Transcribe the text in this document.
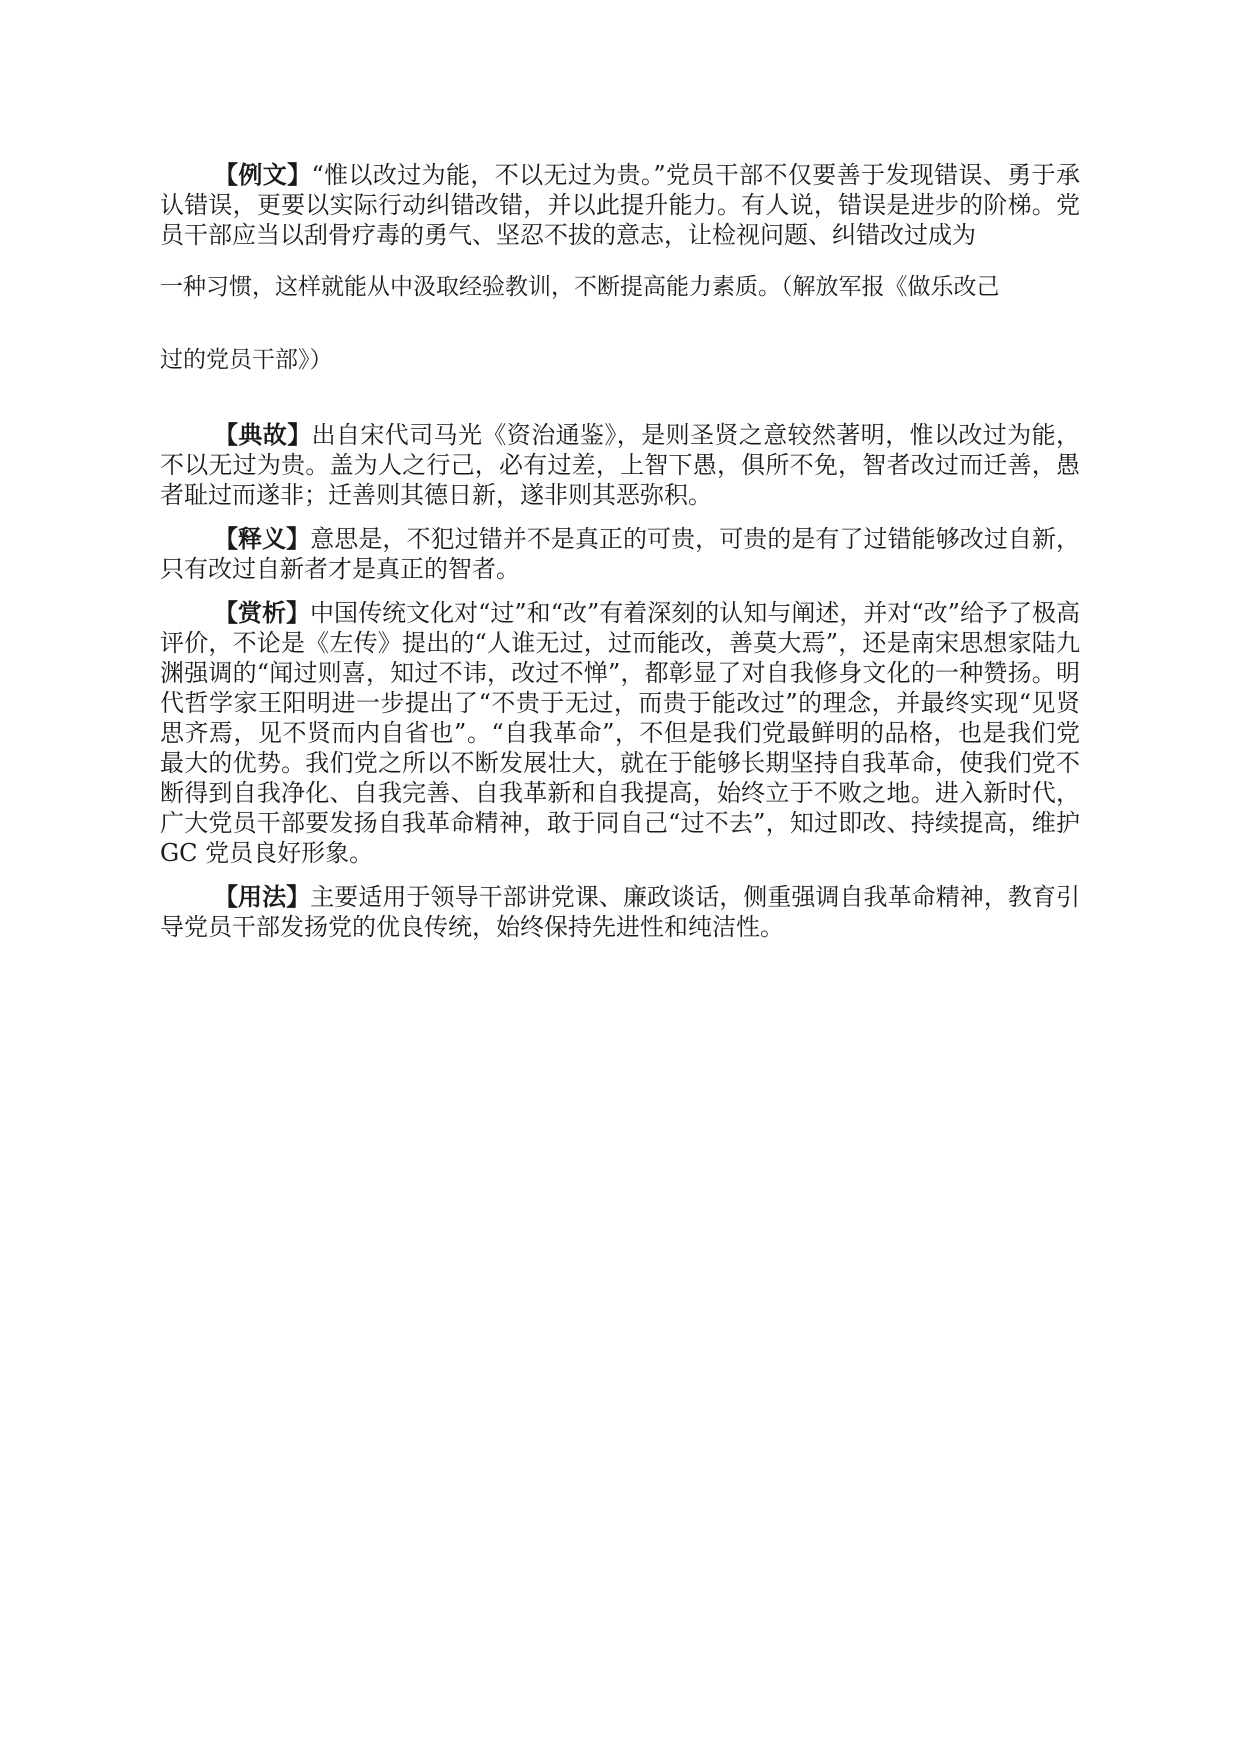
【例文】“惟以改过为能，不以无过为贵。”党员干部不仅要善于发现错误、勇于承认错误，更要以实际行动纠错改错，并以此提升能力。有人说，错误是进步的阶梯。党员干部应当以刮骨疗毒的勇气、坚忍不拔的意志，让检视问题、纠错改过成为

一种习惯，这样就能从中汲取经验教训，不断提高能力素质。（解放军报《做乐改己

过的党员干部》）

【典故】出自宋代司马光《资治通鉴》，是则圣贤之意较然著明，惟以改过为能，不以无过为贵。盖为人之行己，必有过差，上智下愚，俱所不免，智者改过而迁善，愚者耻过而遂非；迁善则其德日新，遂非则其恶弥积。

【释义】意思是，不犯过错并不是真正的可贵，可贵的是有了过错能够改过自新，只有改过自新者才是真正的智者。

【赏析】中国传统文化对“过”和“改”有着深刻的认知与阐述，并对“改”给予了极高评价，不论是《左传》提出的“人谁无过，过而能改，善莫大焉”，还是南宋思想家陆九渊强调的“闻过则喜，知过不讳，改过不惮”，都彰显了对自我修身文化的一种赞扬。明代哲学家王阳明进一步提出了“不贵于无过，而贵于能改过”的理念，并最终实现“见贤思齐焉，见不贤而内自省也”。“自我革命”，不但是我们党最鲜明的品格，也是我们党最大的优势。我们党之所以不断发展壮大，就在于能够长期坚持自我革命，使我们党不断得到自我净化、自我完善、自我革新和自我提高，始终立于不败之地。进入新时代，广大党员干部要发扬自我革命精神，敢于同自己“过不去”，知过即改、持续提高，维护 GC 党员良好形象。

【用法】主要适用于领导干部讲党课、廉政谈话，侧重强调自我革命精神，教育引导党员干部发扬党的优良传统，始终保持先进性和纯洁性。
